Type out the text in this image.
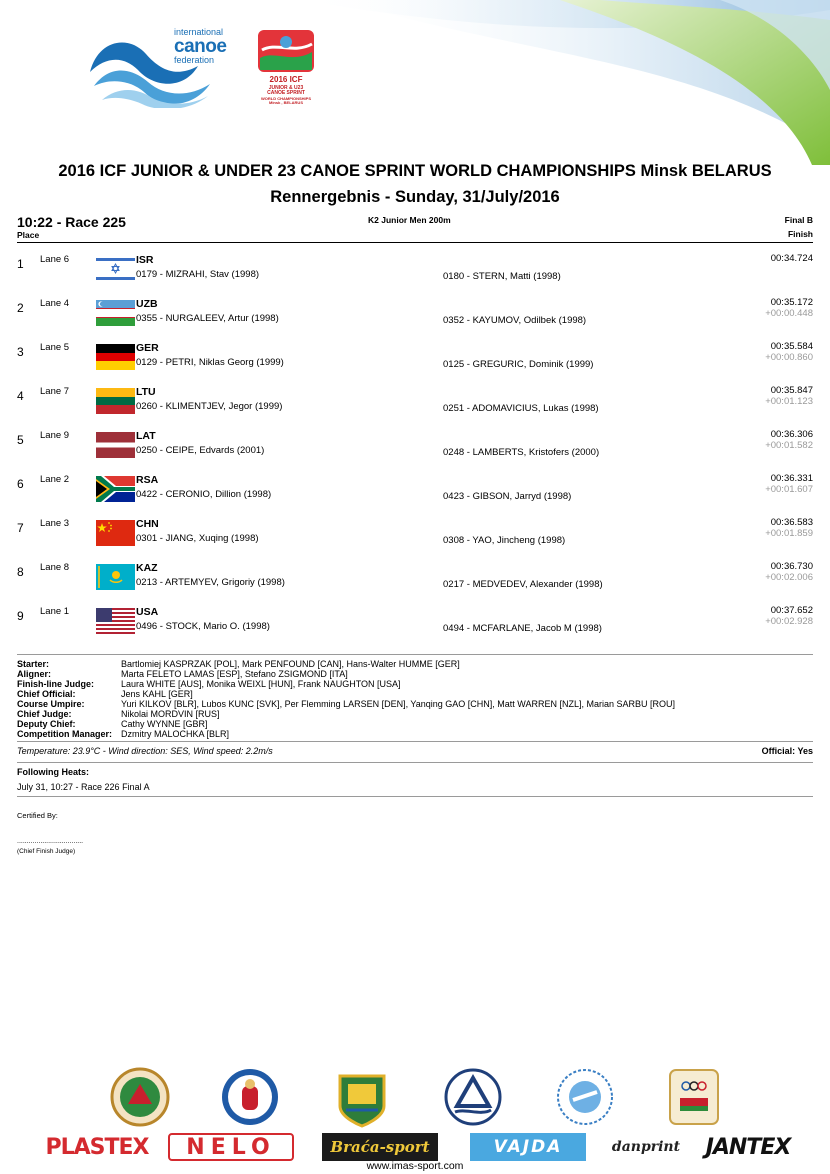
international
canoe
federation
2016 ICF
JUNIOR & U23
CANOE SPRINT
WORLD CHAMPIONSHIPS
Minsk , BELARUS
2016 ICF JUNIOR & UNDER 23 CANOE SPRINT WORLD CHAMPIONSHIPS Minsk BELARUS
Rennergebnis - Sunday, 31/July/2016
10:22 - Race 225	K2 Junior Men 200m	Final B
Place	Finish
1 Lane 6	ISR
0179 - MIZRAHI, Stav (1998)	0180 - STERN, Matti (1998)
00:34.724
2 Lane 4	UZB
0355 - NURGALEEV, Artur (1998)	0352 - KAYUMOV, Odilbek (1998)
00:35.172
+00:00.448
3 Lane 5	GER
0129 - PETRI, Niklas Georg (1999)	0125 - GREGURIC, Dominik (1999)
00:35.584
+00:00.860
4 Lane 7	LTU
0260 - KLIMENTJEV, Jegor (1999)	0251 - ADOMAVICIUS, Lukas (1998)
00:35.847
+00:01.123
5 Lane 9	LAT
0250 - CEIPE, Edvards (2001)	0248 - LAMBERTS, Kristofers (2000)
00:36.306
+00:01.582
6 Lane 2	RSA
0422 - CERONIO, Dillion (1998)	0423 - GIBSON, Jarryd (1998)
00:36.331
+00:01.607
7 Lane 3	CHN
0301 - JIANG, Xuqing (1998)	0308 - YAO, Jincheng (1998)
00:36.583
+00:01.859
8 Lane 8	KAZ
0213 - ARTEMYEV, Grigoriy (1998)	0217 - MEDVEDEV, Alexander (1998)
00:36.730
+00:02.006
9 Lane 1	USA
0496 - STOCK, Mario O. (1998)	0494 - MCFARLANE, Jacob M (1998)
00:37.652
+00:02.928
Starter:	Bartlomiej KASPRZAK [POL], Mark PENFOUND [CAN], Hans-Walter HUMME [GER]
Aligner:	Marta FELETO LAMAS [ESP], Stefano ZSIGMOND [ITA]
Finish-line Judge:	Laura WHITE [AUS], Monika WEIXL [HUN], Frank NAUGHTON [USA]
Chief Official:	Jens KAHL [GER]
Course Umpire:	Yuri KILKOV [BLR], Lubos KUNC [SVK], Per Flemming LARSEN [DEN], Yanqing GAO [CHN], Matt WARREN [NZL], Marian SARBU [ROU]
Chief Judge:	Nikolai MORDVIN [RUS]
Deputy Chief:	Cathy WYNNE [GBR]
Competition Manager: Dzmitry MALOCHKA [BLR]
Temperature: 23.9°C - Wind direction: SES, Wind speed: 2.2m/s	Official: Yes
Following Heats:
July 31, 10:27 - Race 226 Final A
Certified By:
..................................
(Chief Finish Judge)
PLASTEX NELO	Braća-sport	VAJDA	danprint JANTEX
www.imas-sport.com
